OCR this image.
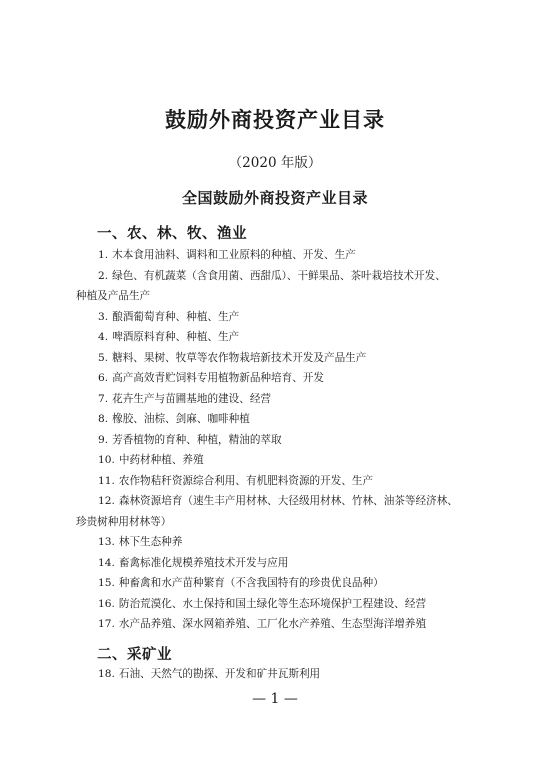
鼓励外商投资产业目录
（2020 年版）
全国鼓励外商投资产业目录
一、农、林、牧、渔业
1. 木本食用油料、调料和工业原料的种植、开发、生产
2. 绿色、有机蔬菜（含食用菌、西甜瓜）、干鲜果品、茶叶栽培技术开发、
种植及产品生产
3. 酿酒葡萄育种、种植、生产
4. 啤酒原料育种、种植、生产
5. 糖料、果树、牧草等农作物栽培新技术开发及产品生产
6. 高产高效青贮饲料专用植物新品种培育、开发
7. 花卉生产与苗圃基地的建设、经营
8. 橡胶、油棕、剑麻、咖啡种植
9. 芳香植物的育种、种植，精油的萃取
10. 中药材种植、养殖
11. 农作物秸秆资源综合利用、有机肥料资源的开发、生产
12. 森林资源培育（速生丰产用材林、大径级用材林、竹林、油茶等经济林、
珍贵树种用材林等）
13. 林下生态种养
14. 畜禽标准化规模养殖技术开发与应用
15. 种畜禽和水产苗种繁育（不含我国特有的珍贵优良品种）
16. 防治荒漠化、水土保持和国土绿化等生态环境保护工程建设、经营
17. 水产品养殖、深水网箱养殖、工厂化水产养殖、生态型海洋增养殖
二、采矿业
18. 石油、天然气的勘探、开发和矿井瓦斯利用
— 1 —
